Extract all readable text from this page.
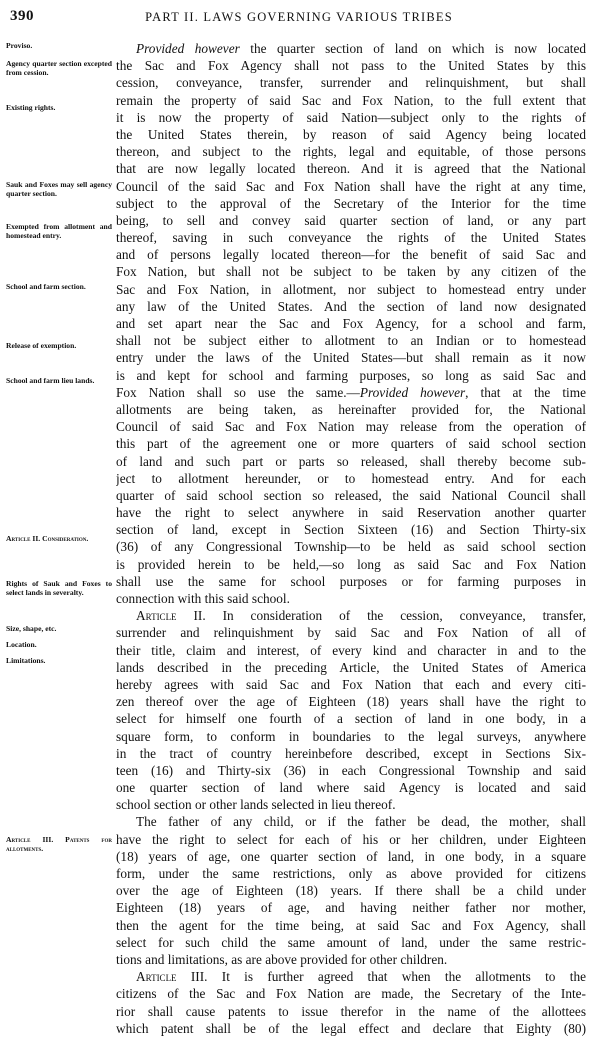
390	PART II. LAWS GOVERNING VARIOUS TRIBES
Proviso.
Agency quarter section excepted from cession.
Existing rights.
Sauk and Foxes may sell agency quarter section.
Exempted from allotment and homestead entry.
School and farm section.
Release of exemption.
School and farm lieu lands.
Article II. Consideration.
Rights of Sauk and Foxes to select lands in severalty.
Size, shape, etc.
Location.
Limitations.
Article III. Patents for allotments.
Provided however the quarter section of land on which is now located
the Sac and Fox Agency shall not pass to the United States by this
cession, conveyance, transfer, surrender and relinquishment, but shall
remain the property of said Sac and Fox Nation, to the full extent that
it is now the property of said Nation—subject only to the rights of
the United States therein, by reason of said Agency being located
thereon, and subject to the rights, legal and equitable, of those persons
that are now legally located thereon. And it is agreed that the National
Council of the said Sac and Fox Nation shall have the right at any time,
subject to the approval of the Secretary of the Interior for the time
being, to sell and convey said quarter section of land, or any part
thereof, saving in such conveyance the rights of the United States
and of persons legally located thereon—for the benefit of said Sac and
Fox Nation, but shall not be subject to be taken by any citizen of the
Sac and Fox Nation, in allotment, nor subject to homestead entry under
any law of the United States. And the section of land now designated
and set apart near the Sac and Fox Agency, for a school and farm,
shall not be subject either to allotment to an Indian or to homestead
entry under the laws of the United States—but shall remain as it now
is and kept for school and farming purposes, so long as said Sac and
Fox Nation shall so use the same.—Provided however, that at the time
allotments are being taken, as hereinafter provided for, the National
Council of said Sac and Fox Nation may release from the operation of
this part of the agreement one or more quarters of said school section
of land and such part or parts so released, shall thereby become sub-
ject to allotment hereunder, or to homestead entry. And for each
quarter of said school section so released, the said National Council shall
have the right to select anywhere in said Reservation another quarter
section of land, except in Section Sixteen (16) and Section Thirty-six
(36) of any Congressional Township—to be held as said school section
is provided herein to be held,—so long as said Sac and Fox Nation
shall use the same for school purposes or for farming purposes in
connection with this said school.
Article II. In consideration of the cession, conveyance, transfer,
surrender and relinquishment by said Sac and Fox Nation of all of
their title, claim and interest, of every kind and character in and to the
lands described in the preceding Article, the United States of America
hereby agrees with said Sac and Fox Nation that each and every citi-
zen thereof over the age of Eighteen (18) years shall have the right to
select for himself one fourth of a section of land in one body, in a
square form, to conform in boundaries to the legal surveys, anywhere
in the tract of country hereinbefore described, except in Sections Six-
teen (16) and Thirty-six (36) in each Congressional Township and said
one quarter section of land where said Agency is located and said
school section or other lands selected in lieu thereof.
The father of any child, or if the father be dead, the mother, shall
have the right to select for each of his or her children, under Eighteen
(18) years of age, one quarter section of land, in one body, in a square
form, under the same restrictions, only as above provided for citizens
over the age of Eighteen (18) years. If there shall be a child under
Eighteen (18) years of age, and having neither father nor mother,
then the agent for the time being, at said Sac and Fox Agency, shall
select for such child the same amount of land, under the same restric-
tions and limitations, as are above provided for other children.
Article III. It is further agreed that when the allotments to the
citizens of the Sac and Fox Nation are made, the Secretary of the Inte-
rior shall cause patents to issue therefor in the name of the allottees
which patent shall be of the legal effect and declare that Eighty (80)
